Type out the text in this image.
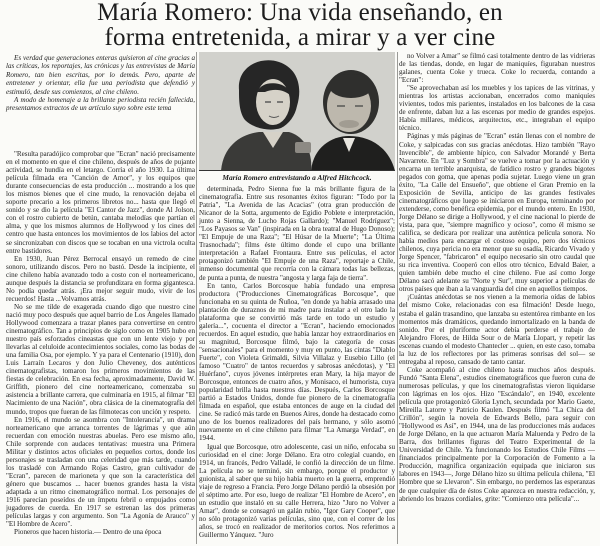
María Romero: Una vida enseñando, en
forma entretenida, a mirar y a ver cine

Es verdad que generaciones enteras quisieron al cine gracias a las críticas, los reportajes, las crónicas y las entrevistas de María Romero, tan bien escritas, por lo demás. Pero, aparte de entretener y orientar, ella fue una periodista que defendió y estimuló, desde sus comienzos, al cine chileno.

A modo de homenaje a la brillante periodista recién fallecida, presentamos extractos de un artículo suyo sobre este tema

María Romero entrevistando a Alfred Hitchcock.

"Resulta paradójico comprobar que "Ecran" nació precisamente en el momento en que el cine chileno, después de años de pujante actividad, se hundía en el letargo. Corría el año 1930. La última película filmada era "Canción de Amor", y los equipos que durante consecuencias de esta producción ... mostrando a los que los mismos bienes que el cine mudo, la renovación dejaba el soporte precario a los primeros libretos no... hasta que llegó el sonido y se dio la película "El Cantor de Jazz", donde Al Jolson, con el rostro cubierto de betún, cantaba melodías que partían el alma, y que los mismos alumnos de Hollywood y los cines del centro que hasta entonces los movimientos de los labios del actor se sincronizaban con discos que se tocaban en una victrola oculta entre bastidores.

En 1930, Juan Pérez Berrocal ensayó un remedo de cine sonoro, utilizando discos. Pero no bastó. Desde la incipiente, el cine chileno había avanzado todo a costo con el norteamericano, aunque después la distancia se profundizara en forma gigantesca. No podía quedar atrás. ¡Era mejor seguir mudo, vivir de los recuerdos! Hasta ...Volvamos atrás.

No se me tilde de exagerada cuando digo que nuestro cine nació muy poco después que aquel barrio de Los Ángeles llamado Hollywood comenzara a trazar planes para convertirse en centro cinematográfico. Tan a principios de siglo como en 1905 hubo en nuestro país esforzados cineastas que con un lente viejo y por llevarlas al celuloide acontecimientos sociales, como las bodas de una familia Osa, por ejemplo. Y ya para el Centenario (1910), don Luis Larraín Lecaros y don Julio Cheveney, dos auténticos cinematografistas, tomaron los primeros movimientos de las fiestas de celebración. En esa fecha, aproximadamente, David W. Griffith, pionero del cine norteamericano, comenzaba su asistencia a brillante carrera, que culminaría en 1915, al filmar "El Nacimiento de una Nación", obra clásica de la cinematografía del mundo, tropos que fueran de las filmotecas con unción y respeto.

En 1916, el mundo se asombra con "Intolerancia", un drama norteamericano que arranca torrentes de lágrimas y que aún recuerdan con emoción nuestras abuelas. Pero ese mismo año, Chile sorprende con audaces tentativas: muestra una Primera Militar y distintos actos oficiales en pequeños cortos, donde los personajes se trasladan con una celeridad que más tarde, cuando los trasladé con Armando Rojas Castro, gran cultivador de "Ecran", parecen de marioneta y que son la característica del género que buscamos ... hacer buenos grandes hasta la vista adaptada a un ritmo cinematográfico normal. Los personajes de 1916 parecían poseídos de un ímpetu febril o empujados como jugadores de cuerda. En 1917 se estrenan las dos primeras películas largas y con argumento. Son "La Agonía de Arauco" y "El Hombre de Acero".

Pioneros que hacen historia.— Dentro de una época

determinada, Pedro Sienna fue la más brillante figura de la cinematografía. Entre sus resonantes éxitos figuran: "Todo por la Patria", "La Avenida de las Acacias" (otra gran producción de Nicanor de la Sotta, argumento de Egidio Poblete e interpretación, junto a Sienna, de Lucho Rojas Gallardo); "Manuel Rodríguez"; "Los Payasos se Van" (inspirada en la obra teatral de Hugo Donoso); "El Empuje de una Raza"; "El Húsar de la Muerte"; "La Última Trasnochada"; films éste último donde el cupo una brillante interpretación a Rafael Frontaura. Entre sus películas, el actor protagonizó también "El Empuje de una Raza", reportaje a Chile, inmenso documental que recorría con la cámara todas las bellezas, de punta a punta, de nuestra "angosta y larga faja de tierra".

En tanto, Carlos Borcosque había fundado una empresa productora ("Producciones Cinematográficas Borcosque", que funcionaba en su quinta de Ñuñoa, "en donde ya había arrasado una plantación de duraznos de mi madre para instalar a el otro lado la plataforma que se convirtió más tarde en todo un estudio y galería...", cocuenta el director a "Ecran", haciendo emocionados recuerdos. En aquel estudio, que había lanzar hoy extraordinarios en su magnitud, Borcosque filmó, bajo la categoría de cosas "sensacionales" para el momento y muy en punto, las cintas "Diablo Fuerte", con Violeta Grimaldi, Silvia Villalaz y Eusebio Lillo (el famoso "Cuatro" de tantos recuerdos y sabrosas anécdotas), y "El Huérfano", cuyos jóvenes intérpretes eran Mary, la hija mayor de Borcosque, entonces de cuatro años, y Monisaco, el humorista, cuya popularidad brilla hasta nuestros días. Después, Carlos Borcosque partió a Estados Unidos, donde fue pionero de la cinematografía filmada en español, que estaba entonces de auge en la ciudad del cine. Se radicó más tarde en Buenos Aires, donde ha destacado como uno de los buenos realizadores del país hermano, y sólo asomó nuevamente en el cine chileno para filmar "La Amarga Verdad", en 1944.

Igual que Borcosque, otro adolescente, casi un niño, enfocaba su curiosidad en el cine: Jorge Délano. Era otro colegial cuando, en 1914, un francés, Pedro Valladé, le confió la dirección de un filme. La película no se terminó, sin embargo, porque el productor y guionista, al saber que su hijo había muerto en la guerra, emprendió viaje de regreso a Francia. Pero Jorge Délano perdió la obsesión por el séptimo arte. Por eso, luego de realizar "El Hombre de Acero", en un estudio que instaló en su calle Herrera, hizo "Juro no Volver a Amar", donde se consagró un galán rubio, "Igor Gary Cooper", que no sólo protagonizó varias películas, sino que, con el correr de los años, se trocó en realizador de meritorios cortos. Nos referimos a Guillermo Yánquez. "Juro

no Volver a Amar" se filmó casi totalmente dentro de las vidrieras de las tiendas, donde, en lugar de maniquíes, figuraban nuestros galanes, cuenta Coke y trueca. Coke lo recuerda, contando a "Ecran":

"Se aprovechaban así los muebles y los tapices de las vitrinas, y mientras los artistas accionaban, encerrados como maniquíes vivientes, todos mis parientes, instalados en los balcones de la casa de enfrente, daban luz a las escenas por medio de grandes espejos. Había millares, médicos, arquitectos, etc., integraban el equipo técnico.

Páginas y más páginas de "Ecran" están llenas con el nombre de Coke, y salpicadas con sus gracias anécdotas. Hizo también "Rayo Invencible", de ambiente hípico, con Salvador Morandé y Berta Navarrete. En "Luz y Sombra" se vuelve a tomar por la actuación y encarna un terrible anarquista, de fatídico rostro y grandes bigotes pegados con goma, que apenas podía sujetar. Luego viene un gran éxito, "La Calle del Ensueño", que obtiene el Gran Premio en la Exposición de Sevilla, anticipo de las grandes festivales cinematográficos que luego se iniciaron en Europa, terminando por extenderse, como benéfica epidemia, por el mundo entero. En 1930, Jorge Délano se dirige a Hollywood, y el cine nacional lo pierde de vista, para que, "siempre magnífico y ocioso", como él mismo se califica, se dedicara por realizar una auténtica película sonora. No había medios para encargar el costoso equipo, pero dos técnicos chilenos, cuya pericia no era menor que su osadía, Ricardo Vivado y Jorge Spencer, "fabricaron" el equipo necesario sin otro caudal que su rica inventiva. Cooperó con ellos otro técnico, Edvald Baier, a quien también debe mucho el cine chileno. Fue así como Jorge Délano sacó adelante su "Norte y Sur", muy superior a películas de otros países que iban a la vanguardia del cine en aquellos tiempos.

¡Cuántas anécdotas se nos vienen a la memoria oídas de labios del mismo Coke, relacionadas con esa filmación! Desde luego, estaba el galán trasandino, que lanzaba su estentórea rimbante en los momentos más dramáticos, quedando inmortalizado en la banda de sonido. Por el pluriforme actor debía perderse el trabajo de Alejandro Flores, de Hilda Sour o de María Llopart, y repetir las escenas cuando el modesto Chantecler ... quien, en este caso, tomaba la luz de los reflectores por las primeras sonrisas del sol— se entregaba al reposo, cansado de tanto cantar.

Coke acompañó al cine chileno hasta muchos años después. Fundó "Santa Elena", estudios cinematográficos que fueron cuna de numerosas películas, y que los cinematografistas vieron liquidarse con lágrimas en los ojos. Hizo "Escándalo", en 1940, excelente película que protagonizó Gloria Lynch, secundada por Mario Gaete, Mireilla Latorre y Patricio Kaulen. Después filmó "La Chica del Crillón", según la novela de Edwards Bello, para seguir con "Hollywood es Así", en 1944, una de las producciones más audaces de Jorge Délano, en la que actuaron María Maluenda y Pedro de la Barra, dos brillantes figuras del Teatro Experimental de la Universidad de Chile. Ya funcionando los Estudios Chile Films —financiados principalmente por la Corporación de Fomento a la Producción, magnífica organización equipada que iniciaron sus labores en 1943—, Jorge Délano hizo su última película chilena, "El Hombre que se Llevaron". Sin embargo, no perdemos las esperanzas de que cualquier día de éstos Coke aparezca en nuestra redacción, y, abriendo los brazos cordiales, grite: "Comienzo otra película"...
